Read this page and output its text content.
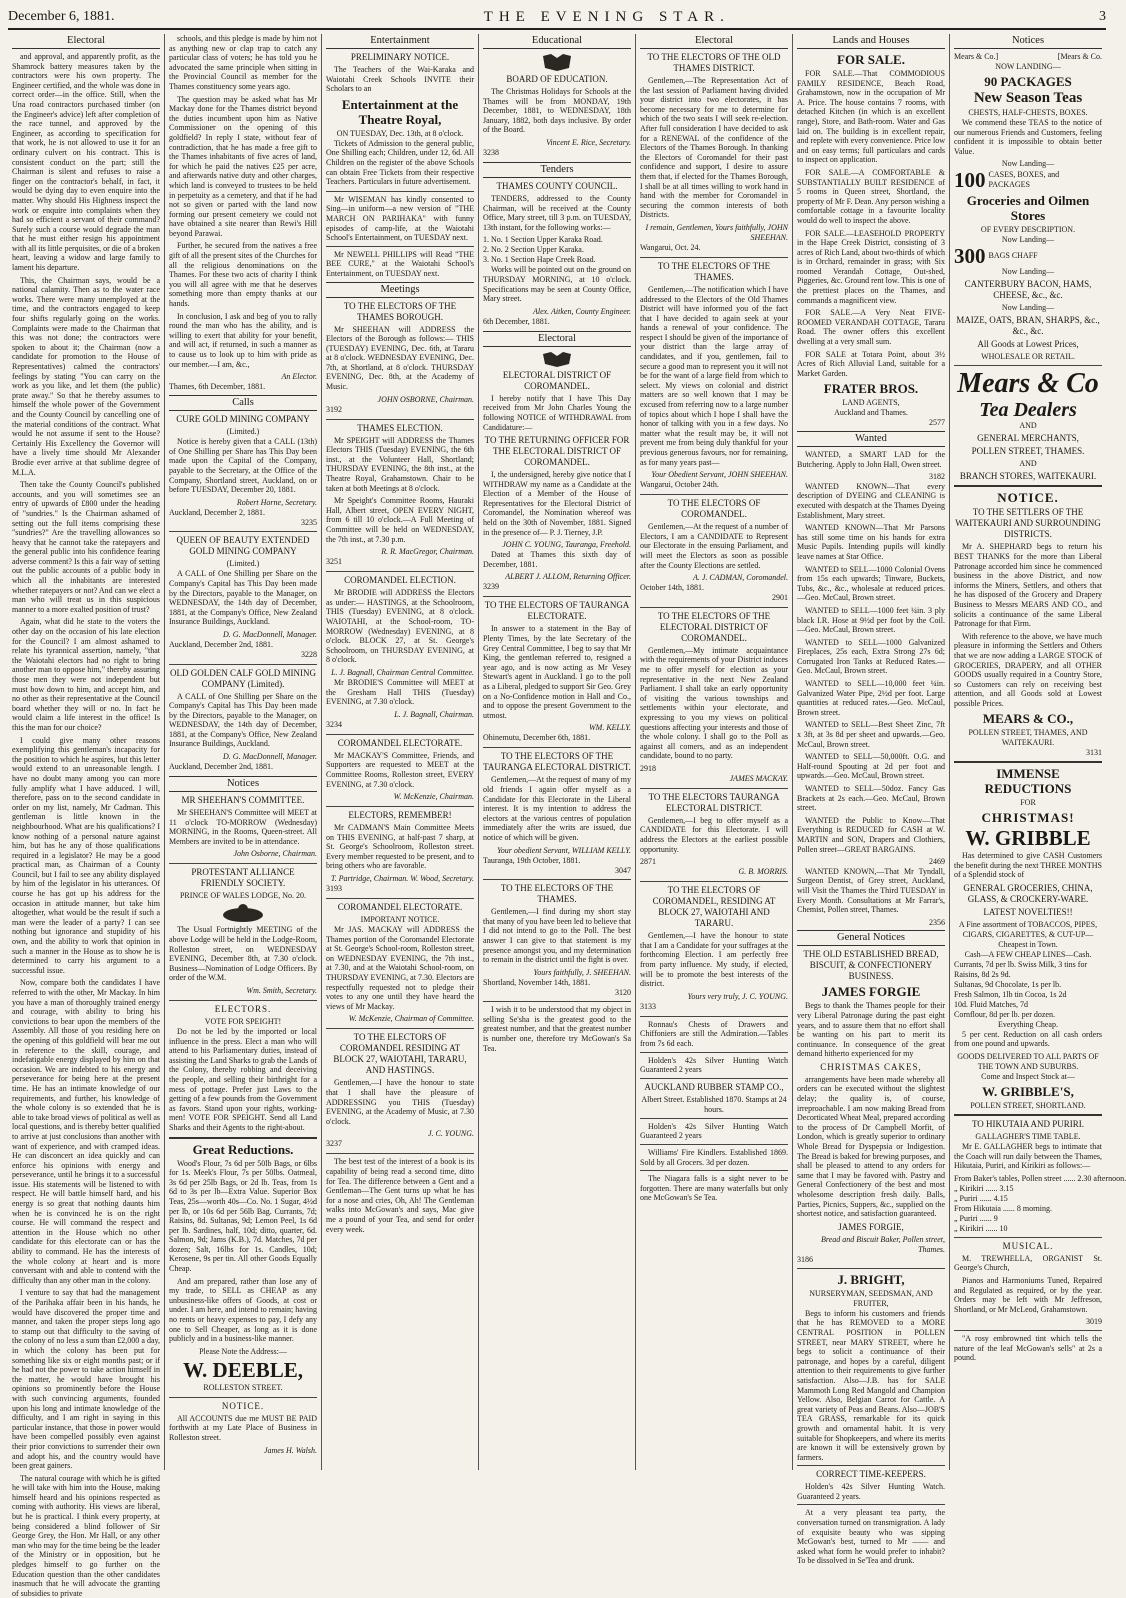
December 6, 1881.	THE EVENING STAR.	3
Electoral
and approval, and apparently profit, as the Shamrock battery measures taken by the contractors were his own property. The Engineer certified, and the whole was done in correct order—in the office. Still, when the Una road contractors purchased timber (on the Engineer's advice) left after completion of the race tunnel, and approved by the Engineer, as according to specification for that work, he is not allowed to use it for an ordinary culvert on his contract. This is consistent conduct on the part; still the Chairman is silent and refuses to raise a finger on the contractor's behalf, in fact, it would be dying day to even enquire into the matter. Why should His Highness inspect the work or enquire into complaints when they had so efficient a servant of their command? Surely such a course would degrade the man that he must either resign his appointment with all its little perquisites, or die of a broken heart, leaving a widow and large family to lament his departure.
This, the Chairman says, would be a national calamity. Then as to the water race works. There were many unemployed at the time, and the contractors engaged to keep four shifts regularly going on the works. Complaints were made to the Chairman that this was not done; the contractors were spoken to about it; the Chairman (now a candidate for promotion to the House of Representatives) calmed the contractors' feelings by stating "You can carry on the work as you like, and let them (the public) prate away." So that he thereby assumes to himself the whole power of the Government and the County Council by cancelling one of the material conditions of the contract. What would he not assume if sent to the House? Certainly His Excellency the Governor will have a lively time should Mr Alexander Brodie ever arrive at that sublime degree of M.L.A.
Then take the County Council's published accounts, and you will sometimes see an entry of upwards of £800 under the heading of "sundries." Is the Chairman ashamed of setting out the full items comprising these "sundries?" Are the travelling allowances so heavy that he cannot take the ratepayers and the general public into his confidence fearing adverse comment? Is this a fair way of setting out the public accounts of a public body in which all the inhabitants are interested whether ratepayers or not? And can we elect a man who will treat us in this suspicious manner to a more exalted position of trust?
Again, what did he state to the voters the other day on the occasion of his late election for the Council? I am almost ashamed to relate his tyrannical assertion, namely, "that the Waiotahi electors had no right to bring another man to oppose him," thereby assuring those men they were not independent but must bow down to him, and accept him, and no other as their representative at the Council board whether they will or no. In fact he would claim a life interest in the office! Is this the man for our choice?
I could give many other reasons exemplifying this gentleman's incapacity for the position to which he aspires, but this letter would extend to an unreasonable length. I have no doubt many among you can more fully amplify what I have adduced. I will, therefore, pass on to the second candidate in order on my list, namely, Mr Cadman. This gentleman is little known in the neighbourhood. What are his qualifications? I know nothing of a personal nature against him, but has he any of those qualifications required in a legislator? He may be a good practical man, as Chairman of a County Council, but I fail to see any ability displayed by him of the legislator in his utterances. Of course he has got up his address for the occasion in attitude manner, but take him altogether, what would be the result if such a man were the leader of a party? I can see nothing but ignorance and stupidity of his own, and the ability to work that opinion in such a manner in the House as to show he is determined to carry his argument to a successful issue.
Now, compare both the candidates I have referred to with the other, Mr Mackay. In him you have a man of thoroughly trained energy and courage, with ability to bring his convictions to bear upon the members of the Assembly. All those of you residing here on the opening of this goldfield will bear me out in reference to the skill, courage, and indefatigable energy displayed by him on that occasion. We are indebted to his energy and perseverance for being here at the present time. He has an intimate knowledge of our requirements, and further, his knowledge of the whole colony is so extended that he is able to take broad views of political as well as local questions, and is thereby better qualified to arrive at just conclusions than another with want of experience, and with cramped ideas. He can disconcert an idea quickly and can enforce his opinions with energy and perseverance, until he brings it to a successful issue. His statements will be listened to with respect. He will battle himself hard, and his energy is so great that nothing daunts him when he is convinced he is on the right course. He will command the respect and attention in the House which no other candidate for this electorate can or has the ability to command. He has the interests of the whole colony at heart and is more conversant with and able to contend with the difficulty than any other man in the colony.
I venture to say that had the management of the Parihaka affair been in his hands, he would have discovered the proper time and manner, and taken the proper steps long ago to stamp out that difficulty to the saving of the colony of no less a sum than £2,000 a day, in which the colony has been put for something like six or eight months past; or if he had not the power to take action himself in the matter, he would have brought his opinions so prominently before the House with such convincing arguments, founded upon his long and intimate knowledge of the difficulty, and I am right in saying in this particular instance, that those in power would have been compelled possibly even against their prior convictions to surrender their own and adopt his, and the country would have been great gainers.
The natural courage with which he is gifted he will take with him into the House, making himself heard and his opinions respected as coming with authority. His views are liberal, but he is practical. I think every property, at being considered a blind follower of Sir George Grey, the Hon. Mr Hall, or any other man who may for the time being be the leader of the Ministry or in opposition, but he pledges himself to go further on the Education question than the other candidates inasmuch that he will advocate the granting of subsidies to private
schools, and this pledge is made by him not as anything new or clap trap to catch any particular class of voters; he has told you he advocated the same principle when sitting in the Provincial Council as member for the Thames constituency some years ago.
The question may be asked what has Mr Mackay done for the Thames district beyond the duties incumbent upon him as Native Commissioner on the opening of this goldfield? In reply I state, without fear of contradiction, that he has made a free gift to the Thames inhabitants of five acres of land, for which he paid the natives £25 per acre, and afterwards native duty and other charges, which land is conveyed to trustees to be held in perpetuity as a cemetery, and that if he had not so given or parted with the land now forming our present cemetery we could not have obtained a site nearer than Rewi's Hill beyond Parawai.
Further, he secured from the natives a free gift of all the present sites of the Churches for all the religious denominations on the Thames. For these two acts of charity I think you will all agree with me that he deserves something more than empty thanks at our hands.
In conclusion, I ask and beg of you to rally round the man who has the ability, and is willing to exert that ability for your benefit, and will act, if returned, in such a manner as to cause us to look up to him with pride as our member.—I am, &c.,
An Elector.
Thames, 6th December, 1881.
Calls
CURE GOLD MINING COMPANY
(Limited.)
Notice is hereby given that a CALL (13th) of One Shilling per Share has This Day been made upon the Capital of the Company, payable to the Secretary, at the Office of the Company, Shortland street, Auckland, on or before TUESDAY, December 20, 1881.
Robert Horne, Secretary.
Auckland, December 2, 1881.
3235
QUEEN OF BEAUTY EXTENDED GOLD MINING COMPANY
(Limited.)
A CALL of One Shilling per Share on the Company's Capital has This Day been made by the Directors, payable to the Manager, on WEDNESDAY, the 14th day of December, 1881, at the Company's Office, New Zealand Insurance Buildings, Auckland.
D. G. MacDonnell, Manager.
Auckland, December 2nd, 1881.
3228
OLD GOLDEN CALF GOLD MINING COMPANY (Limited).
A CALL of One Shilling per Share on the Company's Capital has This Day been made by the Directors, payable to the Manager, on WEDNESDAY, the 14th day of December, 1881, at the Company's Office, New Zealand Insurance Buildings, Auckland.
D. G. MacDonnell, Manager.
Auckland, December 2nd, 1881.
Notices
MR SHEEHAN'S COMMITTEE.
Mr SHEEHAN'S Committee will MEET at 11 o'clock TO-MORROW (Wednesday) MORNING, in the Rooms, Queen-street. All Members are invited to be in attendance.
John Osborne, Chairman.
PROTESTANT ALLIANCE FRIENDLY SOCIETY.
PRINCE OF WALES LODGE, No. 20.
The Usual Fortnightly MEETING of the above Lodge will be held in the Lodge-Room, Rolleston street, on WEDNESDAY EVENING, December 8th, at 7.30 o'clock. Business—Nomination of Lodge Officers. By order of the W.M.
Wm. Smith, Secretary.
ELECTORS.
VOTE FOR SPEIGHT!
Do not be led by the imported or local influence in the press. Elect a man who will attend to his Parliamentary duties, instead of assisting the Land Sharks to grab the Lands of the Colony, thereby robbing and deceiving the people, and selling their birthright for a mess of pottage. Prefer just Laws to the getting of a few pounds from the Government as favors. Stand upon your rights, working-men! VOTE FOR SPEIGHT. Send all Land Sharks and their Agents to the right-about.
Great Reductions.
Wood's Flour, 7s 6d per 50lb Bags, or 6lbs for 1s. Meek's Flour, 7s per 50lbs. Oatmeal, 3s 6d per 25lb Bags, or 2d lb. Teas, from 1s 6d to 3s per lb—Extra Value. Superior Box Teas, 25s—worth 40s—Co. No. 1 Sugar, 4½d per lb, or 10s 6d per 56lb Bag. Currants, 7d; Raisins, 8d. Sultanas, 9d; Lemon Peel, 1s 6d per lb. Sardines, half, 10d; ditto, quarter, 6d. Salmon, 9d; Jams (K.B.), 7d. Matches, 7d per dozen; Salt, 16lbs for 1s. Candles, 10d; Kerosene, 9s per tin. All other Goods Equally Cheap.
And am prepared, rather than lose any of my trade, to SELL as CHEAP as any unbusiness-like offers of Goods, at cost or under. I am here, and intend to remain; having no rents or heavy expenses to pay, I defy any one to Sell Cheaper, as long as it is done publicly and in a business-like manner.
Please Note the Address:—
W. DEEBLE,
ROLLESTON STREET.
NOTICE.
All ACCOUNTS due me MUST BE PAID forthwith at my Late Place of Business in Rolleston street.
James H. Walsh.
Entertainment
PRELIMINARY NOTICE.
The Teachers of the Wai-Karaka and Waiotahi Creek Schools INVITE their Scholars to an
Entertainment at the Theatre Royal,
ON TUESDAY, Dec. 13th, at 8 o'clock.
Tickets of Admission to the general public, One Shilling each; Children, under 12, 6d. All Children on the register of the above Schools can obtain Free Tickets from their respective Teachers. Particulars in future advertisement.
Mr WISEMAN has kindly consented to Sing—in uniform—a new version of "THE MARCH ON PARIHAKA" with funny episodes of camp-life, at the Waiotahi School's Entertainment, on TUESDAY next.
Mr NEWELL PHILLIPS will Read "THE BEE CURE," at the Waiotahi School's Entertainment, on TUESDAY next.
Meetings
TO THE ELECTORS OF THE THAMES BOROUGH.
Mr SHEEHAN will ADDRESS the Electors of the Borough as follows:— THIS (TUESDAY) EVENING, Dec. 6th, at Tararu at 8 o'clock. WEDNESDAY EVENING, Dec. 7th, at Shortland, at 8 o'clock. THURSDAY EVENING, Dec. 8th, at the Academy of Music.
JOHN OSBORNE, Chairman.
3192
THAMES ELECTION.
Mr SPEIGHT will ADDRESS the Thames Electors THIS (Tuesday) EVENING, the 6th inst., at the Volunteer Hall, Shortland; THURSDAY EVENING, the 8th inst., at the Theatre Royal, Grahamstown. Chair to be taken at both Meetings at 8 o'clock.
Mr Speight's Committee Rooms, Hauraki Hall, Albert street, OPEN EVERY NIGHT, from 6 till 10 o'clock.—A Full Meeting of Committee will be held on WEDNESDAY, the 7th inst., at 7.30 p.m.
R. R. MacGregor, Chairman.
3251
COROMANDEL ELECTION.
Mr BRODIE will ADDRESS the Electors as under:— HASTINGS, at the Schoolroom, THIS (Tuesday) EVENING, at 8 o'clock. WAIOTAHI, at the School-room, TO-MORROW (Wednesday) EVENING, at 8 o'clock. BLOCK 27, at St. George's Schoolroom, on THURSDAY EVENING, at 8 o'clock.
L. J. Bagnall, Chairman Central Committee.
Mr BRODIE'S Committee will MEET at the Gresham Hall THIS (Tuesday) EVENING, at 7.30 o'clock.
L. J. Bagnall, Chairman.
3234
COROMANDEL ELECTORATE.
Mr MACKAY'S Committee, Friends, and Supporters are requested to MEET at the Committee Rooms, Rolleston street, EVERY EVENING, at 7.30 o'clock.
W. McKenzie, Chairman.
ELECTORS, REMEMBER!
Mr CADMAN'S Main Committee Meets on THIS EVENING, at half-past 7 sharp, at St. George's Schoolroom, Rolleston street. Every member requested to be present, and to bring others who are favorable.
T. Partridge, Chairman. W. Wood, Secretary.
3193
COROMANDEL ELECTORATE.
IMPORTANT NOTICE.
Mr JAS. MACKAY will ADDRESS the Thames portion of the Coromandel Electorate at St. George's School-room, Rolleston street, on WEDNESDAY EVENING, the 7th inst., at 7.30, and at the Waiotahi School-room, on THURSDAY EVENING, at 7.30. Electors are respectfully requested not to pledge their votes to any one until they have heard the views of Mr Mackay.
W. McKenzie, Chairman of Committee.
TO THE ELECTORS OF COROMANDEL RESIDING AT BLOCK 27, WAIOTAHI, TARARU, AND HASTINGS.
Gentlemen,—I have the honour to state that I shall have the pleasure of ADDRESSING you THIS (Tuesday) EVENING, at the Academy of Music, at 7.30 o'clock.
J. C. YOUNG.
3237
The best test of the interest of a book is its capability of being read a second time, ditto for Tea. The difference between a Gent and a Gentleman—The Gent turns up what he has for a nose and cries, Oh, Ah! The Gentleman walks into McGowan's and says, Mac give me a pound of your Tea, and send for order every week.
Educational
BOARD OF EDUCATION.
The Christmas Holidays for Schools at the Thames will be from MONDAY, 19th December, 1881, to WEDNESDAY, 18th January, 1882, both days inclusive. By order of the Board.
Vincent E. Rice, Secretary.
3238
Tenders
THAMES COUNTY COUNCIL.
TENDERS, addressed to the County Chairman, will be received at the County Office, Mary street, till 3 p.m. on TUESDAY, 13th instant, for the following works:—
1. No. 1 Section Upper Karaka Road.
2. No. 2 Section Upper Karaka.
3. No. 1 Section Hape Creek Road.
Works will be pointed out on the ground on THURSDAY MORNING, at 10 o'clock. Specifications may be seen at County Office, Mary street.
Alex. Aitken, County Engineer.
6th December, 1881.
Electoral
ELECTORAL DISTRICT OF COROMANDEL.
I hereby notify that I have This Day received from Mr John Charles Young the following NOTICE of WITHDRAWAL from Candidature:—
TO THE RETURNING OFFICER FOR THE ELECTORAL DISTRICT OF COROMANDEL.
I, the undersigned, hereby give notice that I WITHDRAW my name as a Candidate at the Election of a Member of the House of Representatives for the Electoral District of Coromandel, the Nomination whereof was held on the 30th of November, 1881. Signed in the presence of— P. J. Tierney, J.P.
JOHN C. YOUNG, Tauranga, Freehold.
Dated at Thames this sixth day of December, 1881.
ALBERT J. ALLOM, Returning Officer.
3239
TO THE ELECTORS OF TAURANGA ELECTORATE.
In answer to a statement in the Bay of Plenty Times, by the late Secretary of the Grey Central Committee, I beg to say that Mr King, the gentleman referred to, resigned a year ago, and is now acting as Mr Vesey Stewart's agent in Auckland. I go to the poll as a Liberal, pledged to support Sir Geo. Grey on a No-Confidence motion in Hall and Co., and to oppose the present Government to the utmost.
WM. KELLY.
Ohinemutu, December 6th, 1881.
TO THE ELECTORS OF THE TAURANGA ELECTORAL DISTRICT.
Gentlemen,—At the request of many of my old friends I again offer myself as a Candidate for this Electorate in the Liberal interest. It is my intention to address the electors at the various centres of population immediately after the writs are issued, due notice of which will be given.
Your obedient Servant, WILLIAM KELLY.
Tauranga, 19th October, 1881.
3047
TO THE ELECTORS OF THE THAMES.
Gentlemen,—I find during my short stay that many of you have been led to believe that I did not intend to go to the Poll. The best answer I can give to that statement is my presence amongst you, and my determination to remain in the district until the fight is over.
Yours faithfully, J. SHEEHAN.
Shortland, November 14th, 1881.
3120
I wish it to be understood that my object in selling Se'sha is the greatest good to the greatest number, and that the greatest number is number one, therefore try McGowan's Sa Tea.
Electoral
TO THE ELECTORS OF THE OLD THAMES DISTRICT.
Gentlemen,—The Representation Act of the last session of Parliament having divided your district into two electorates, it has become necessary for me to determine for which of the two seats I will seek re-election. After full consideration I have decided to ask for a RENEWAL of the confidence of the Electors of the Thames Borough. In thanking the Electors of Coromandel for their past confidence and support, I desire to assure them that, if elected for the Thames Borough, I shall be at all times willing to work hand in hand with the member for Coromandel in securing the common interests of both Districts.
I remain, Gentlemen, Yours faithfully, JOHN SHEEHAN.
Wangarui, Oct. 24.
TO THE ELECTORS OF THE THAMES.
Gentlemen,—The notification which I have addressed to the Electors of the Old Thames District will have informed you of the fact that I have decided to again seek at your hands a renewal of your confidence. The respect I should be given of the importance of your district than the large array of candidates, and if you, gentlemen, fail to secure a good man to represent you it will not be for the want of a large field from which to select. My views on colonial and district matters are so well known that I may be excused from referring now to a large number of topics about which I hope I shall have the honor of talking with you in a few days. No matter what the result may be, it will not prevent me from being duly thankful for your previous generous favours, nor for remaining, as for many years past—
Your Obedient Servant, JOHN SHEEHAN.
Wangarui, October 24th.
TO THE ELECTORS OF COROMANDEL.
Gentlemen,—At the request of a number of Electors, I am a CANDIDATE to Represent our Electorate in the ensuing Parliament, and will meet the Electors as soon as possible after the County Elections are settled.
A. J. CADMAN, Coromandel.
October 14th, 1881.
2901
TO THE ELECTORS OF THE ELECTORAL DISTRICT OF COROMANDEL.
Gentlemen,—My intimate acquaintance with the requirements of your District induces me to offer myself for election as your representative in the next New Zealand Parliament. I shall take an early opportunity of visiting the various townships and settlements within your electorate, and expressing to you my views on political questions affecting your interests and those of the whole colony. I shall go to the Poll as against all comers, and as an independent candidate, bound to no party.
2918
JAMES MACKAY.
TO THE ELECTORS TAURANGA ELECTORAL DISTRICT.
Gentlemen,—I beg to offer myself as a CANDIDATE for this Electorate. I will address the Electors at the earliest possible opportunity.
2871
G. B. MORRIS.
TO THE ELECTORS OF COROMANDEL, RESIDING AT BLOCK 27, WAIOTAHI AND TARARU.
Gentlemen,—I have the honour to state that I am a Candidate for your suffrages at the forthcoming Election. I am perfectly free from party influence. My study, if elected, will be to promote the best interests of the district.
Yours very truly, J. C. YOUNG.
3133
Ronnau's Chests of Drawers and Chiffoniers are still the Admiration.—Tables from 7s 6d each.
Holden's 42s Silver Hunting Watch Guaranteed 2 years
AUCKLAND RUBBER STAMP CO.,
Albert Street. Established 1870. Stamps at 24 hours.
Holden's 42s Silver Hunting Watch Guaranteed 2 years
Williams' Fire Kindlers. Established 1869. Sold by all Grocers. 3d per dozen.
The Niagara falls is a sight never to be forgotten. There are many waterfalls but only one McGowan's Se Tea.
Lands and Houses
FOR SALE.
FOR SALE.—That COMMODIOUS FAMILY RESIDENCE, Beach Road, Grahamstown, now in the occupation of Mr A. Price. The house contains 7 rooms, with detached Kitchen (in which is an excellent range), Store, and Bath-room. Water and Gas laid on. The building is in excellent repair, and replete with every convenience. Price low and on easy terms; full particulars and cards to inspect on application.
FOR SALE.—A COMFORTABLE & SUBSTANTIALLY BUILT RESIDENCE of 5 rooms in Queen street, Shortland, the property of Mr F. Dean. Any person wishing a comfortable cottage in a favourite locality would do well to inspect the above.
FOR SALE.—LEASEHOLD PROPERTY in the Hape Creek District, consisting of 3 acres of Rich Land, about two-thirds of which is in Orchard, remainder in grass; with Six roomed Verandah Cottage, Out-shed, Piggeries, &c. Ground rent low. This is one of the prettiest places on the Thames, and commands a magnificent view.
FOR SALE.—A Very Neat FIVE-ROOMED VERANDAH COTTAGE, Tararu Road. The owner offers this excellent dwelling at a very small sum.
FOR SALE at Totara Point, about 3½ Acres of Rich Alluvial Land, suitable for a Market Garden.
FRATER BROS.
LAND AGENTS,
Auckland and Thames.
2577
Wanted
WANTED, a SMART LAD for the Butchering. Apply to John Hall, Owen street.
3182
WANTED KNOWN—That every description of DYEING and CLEANING is executed with despatch at the Thames Dyeing Establishment, Mary street.
WANTED KNOWN—That Mr Parsons has still some time on his hands for extra Music Pupils. Intending pupils will kindly leave names at Star Office.
WANTED to SELL—1000 Colonial Ovens from 15s each upwards; Tinware, Buckets, Tubs, &c., &c., wholesale at reduced prices.—Geo. McCaul, Brown street.
WANTED to SELL—1000 feet ¼in. 3 ply black I.R. Hose at 9½d per foot by the Coil.—Geo. McCaul, Brown street.
WANTED to SELL—1000 Galvanized Fireplaces, 25s each, Extra Strong 27s 6d; Corrugated Iron Tanks at Reduced Rates.—Geo. McCaul, Brown street.
WANTED to SELL—10,000 feet ¼in. Galvanized Water Pipe, 2½d per foot. Large quantities at reduced rates.—Geo. McCaul, Brown street.
WANTED to SELL—Best Sheet Zinc, 7ft x 3ft, at 3s 8d per sheet and upwards.—Geo. McCaul, Brown street.
WANTED to SELL—50,000ft. O.G. and Half-round Spouting at 2d per foot and upwards.—Geo. McCaul, Brown street.
WANTED to SELL—50doz. Fancy Gas Brackets at 2s each.—Geo. McCaul, Brown street.
WANTED the Public to Know—That Everything is REDUCED for CASH at W. MARTIN and SON, Drapers and Clothiers, Pollen street—GREAT BARGAINS.
2469
WANTED KNOWN,—That Mr Tyndall, Surgeon Dentist, of Grey street, Auckland, will Visit the Thames the Third TUESDAY in Every Month. Consultations at Mr Farrar's, Chemist, Pollen street, Thames.
2356
General Notices
THE OLD ESTABLISHED BREAD, BISCUIT, & CONFECTIONERY BUSINESS.
JAMES FORGIE
Begs to thank the Thames people for their very Liberal Patronage during the past eight years, and to assure them that no effort shall be wanting on his part to merit its continuance. In consequence of the great demand hitherto experienced for my
CHRISTMAS CAKES,
arrangements have been made whereby all orders can be executed without the slightest delay; the quality is, of course, irreproachable. I am now making Bread from Decorticated Wheat Meal, prepared according to the process of Dr Campbell Morfit, of London, which is greatly superior to ordinary Whole Bread for Dyspepsia or Indigestion. The Bread is baked for brewing purposes, and shall be pleased to attend to any orders for same that I may be favored with. Pastry and General Confectionery of the best and most wholesome description fresh daily. Balls, Parties, Picnics, Suppers, &c., supplied on the shortest notice, and satisfaction guaranteed.
JAMES FORGIE,
Bread and Biscuit Baker, Pollen street, Thames.
3186
J. BRIGHT,
NURSERYMAN, SEEDSMAN, AND FRUITER,
Begs to inform his customers and friends that he has REMOVED to a MORE CENTRAL POSITION in POLLEN STREET, near MARY STREET, where he begs to solicit a continuance of their patronage, and hopes by a careful, diligent attention to their requirements to give further satisfaction. Also—J.B. has for SALE Mammoth Long Red Mangold and Champion Yellow. Also, Belgian Carrot for Cattle. A great variety of Peas and Beans. Also—JOB'S TEA GRASS, remarkable for its quick growth and ornamental habit. It is very suitable for Shopkeepers, and where its merits are known it will be extensively grown by farmers.
CORRECT TIME-KEEPERS.
Holden's 42s Silver Hunting Watch. Guaranteed 2 years.
At a very pleasant tea party, the conversation turned on transmigration. A lady of exquisite beauty who was sipping McGowan's best, turned to Mr —— and asked what form he would prefer to inhabit? To be dissolved in Se'Tea and drunk.
Notices
Mears & Co.]	[Mears & Co.
NOW LANDING—
90 PACKAGES
New Season Teas
CHESTS, HALF-CHESTS, BOXES.
We commend these TEAS to the notice of our numerous Friends and Customers, feeling confident it is impossible to obtain better Value.
Now Landing—
100 CASES, BOXES, and PACKAGES
Groceries and Oilmen Stores
OF EVERY DESCRIPTION.
Now Landing—
300 BAGS CHAFF
Now Landing—
CANTERBURY BACON, HAMS, CHEESE, &c., &c.
Now Landing—
MAIZE, OATS, BRAN, SHARPS, &c., &c., &c.
All Goods at Lowest Prices,
WHOLESALE OR RETAIL.
Mears & Co
Tea Dealers
AND
GENERAL MERCHANTS,
POLLEN STREET, THAMES.
AND
BRANCH STORES, WAITEKAURI.
NOTICE.
TO THE SETTLERS OF THE WAITEKAURI AND SURROUNDING DISTRICTS.
Mr A. SHEPHARD begs to return his BEST THANKS for the more than Liberal Patronage accorded him since he commenced business in the above District, and now informs the Miners, Settlers, and others that he has disposed of the Grocery and Drapery Business to Messrs MEARS AND CO., and solicits a continuance of the same Liberal Patronage for that Firm.
With reference to the above, we have much pleasure in informing the Settlers and Others that we are now adding a LARGE STOCK of GROCERIES, DRAPERY, and all OTHER GOODS usually required in a Country Store, so Customers can rely on receiving best attention, and all Goods sold at Lowest possible Prices.
MEARS & CO.,
POLLEN STREET, THAMES, AND WAITEKAURI.
3131
IMMENSE REDUCTIONS
FOR
CHRISTMAS!
W. GRIBBLE
Has determined to give CASH Customers the benefit during the next THREE MONTHS of a Splendid stock of
GENERAL GROCERIES, CHINA, GLASS, & CROCKERY-WARE.
LATEST NOVELTIES!!
A Fine assortment of TOBACCOS, PIPES, CIGARS, CIGARETTES, & CUT-UP—Cheapest in Town.
Cash—A FEW CHEAP LINES—Cash.
Currants, 7d per lb. Swiss Milk, 3 tins for
Raisins, 8d 2s 9d.
Sultanas, 9d Chocolate, 1s per lb.
Fresh Salmon, 1lb tin Cocoa, 1s 2d
10d. Fluid Matches, 7d
Cornflour, 8d per lb. per dozen.
Everything Cheap.
5 per cent. Reduction on all cash orders from one pound and upwards.
GOODS DELIVERED TO ALL PARTS OF THE TOWN AND SUBURBS.
Come and Inspect Stock at—
W. GRIBBLE'S,
POLLEN STREET, SHORTLAND.
TO HIKUTAIA AND PURIRI.
GALLAGHER'S TIME TABLE.
Mr E. GALLAGHER begs to intimate that the Coach will run daily between the Thames, Hikutaia, Puriri, and Kirikiri as follows:—
From Baker's tables, Pollen street ...... 2.30 afternoon.
„ Kirikiri ...... 3.15
„ Puriri ...... 4.15
From Hikutaia ...... 8 morning.
„ Puriri ...... 9
„ Kirikiri ...... 10
MUSICAL.
M. TREWHELLA, ORGANIST St. George's Church,
Pianos and Harmoniums Tuned, Repaired and Regulated as required, or by the year. Orders may be left with Mr Jeffreson, Shortland, or Mr McLeod, Grahamstown.
3019
"A rosy embrowned tint which tells the nature of the leaf McGowan's sells" at 2s a pound.
